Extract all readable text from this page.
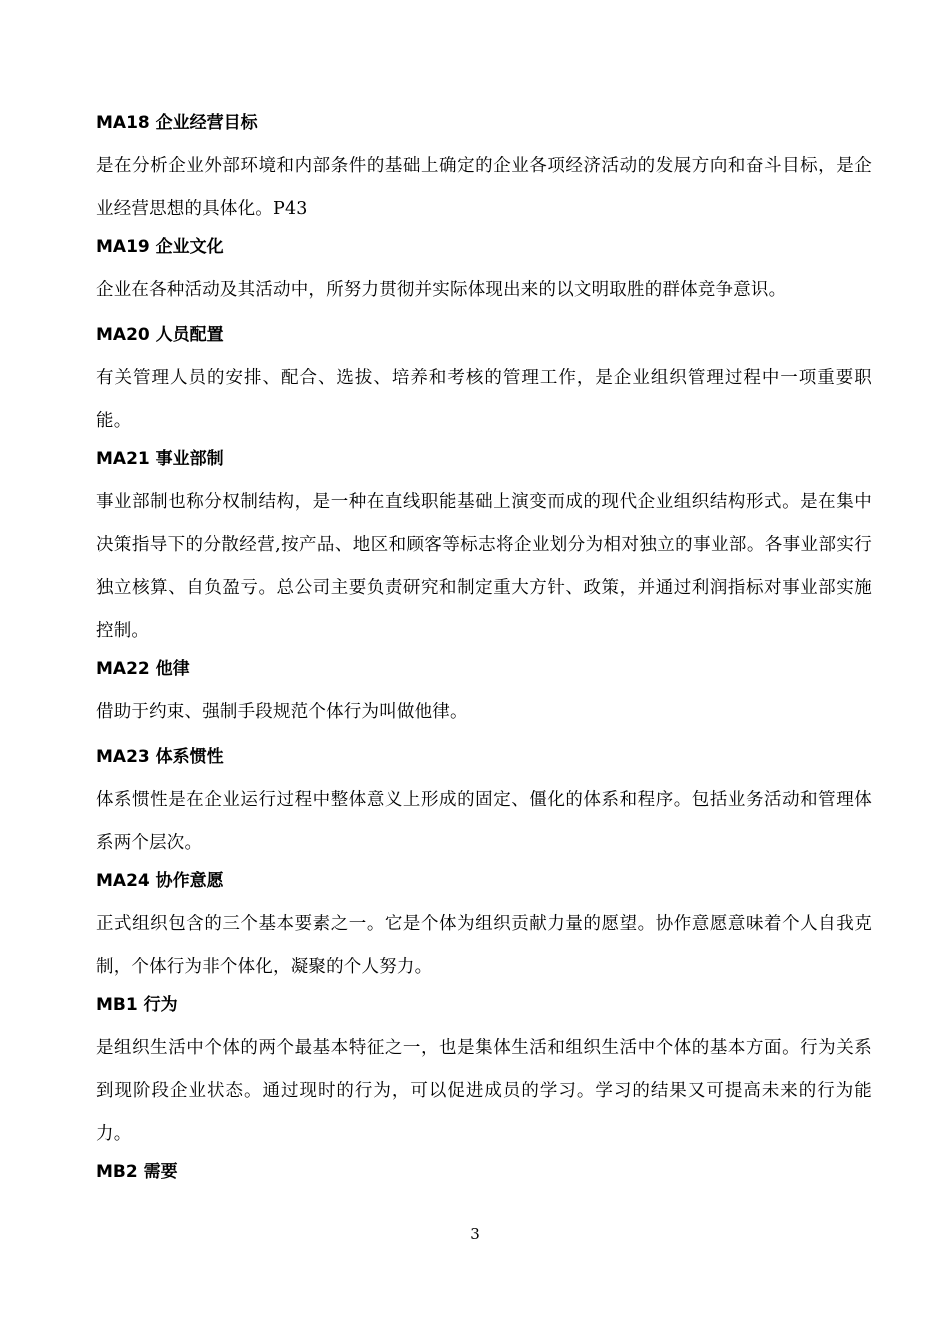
MA18 企业经营目标
是在分析企业外部环境和内部条件的基础上确定的企业各项经济活动的发展方向和奋斗目标，是企业经营思想的具体化。P43
MA19 企业文化
企业在各种活动及其活动中，所努力贯彻并实际体现出来的以文明取胜的群体竞争意识。
MA20 人员配置
有关管理人员的安排、配合、选拔、培养和考核的管理工作，是企业组织管理过程中一项重要职能。
MA21 事业部制
事业部制也称分权制结构，是一种在直线职能基础上演变而成的现代企业组织结构形式。是在集中决策指导下的分散经营,按产品、地区和顾客等标志将企业划分为相对独立的事业部。各事业部实行独立核算、自负盈亏。总公司主要负责研究和制定重大方针、政策，并通过利润指标对事业部实施控制。
MA22 他律
借助于约束、强制手段规范个体行为叫做他律。
MA23 体系惯性
体系惯性是在企业运行过程中整体意义上形成的固定、僵化的体系和程序。包括业务活动和管理体系两个层次。
MA24 协作意愿
正式组织包含的三个基本要素之一。它是个体为组织贡献力量的愿望。协作意愿意味着个人自我克制，个体行为非个体化，凝聚的个人努力。
MB1 行为
是组织生活中个体的两个最基本特征之一，也是集体生活和组织生活中个体的基本方面。行为关系到现阶段企业状态。通过现时的行为，可以促进成员的学习。学习的结果又可提高未来的行为能力。
MB2 需要
3
